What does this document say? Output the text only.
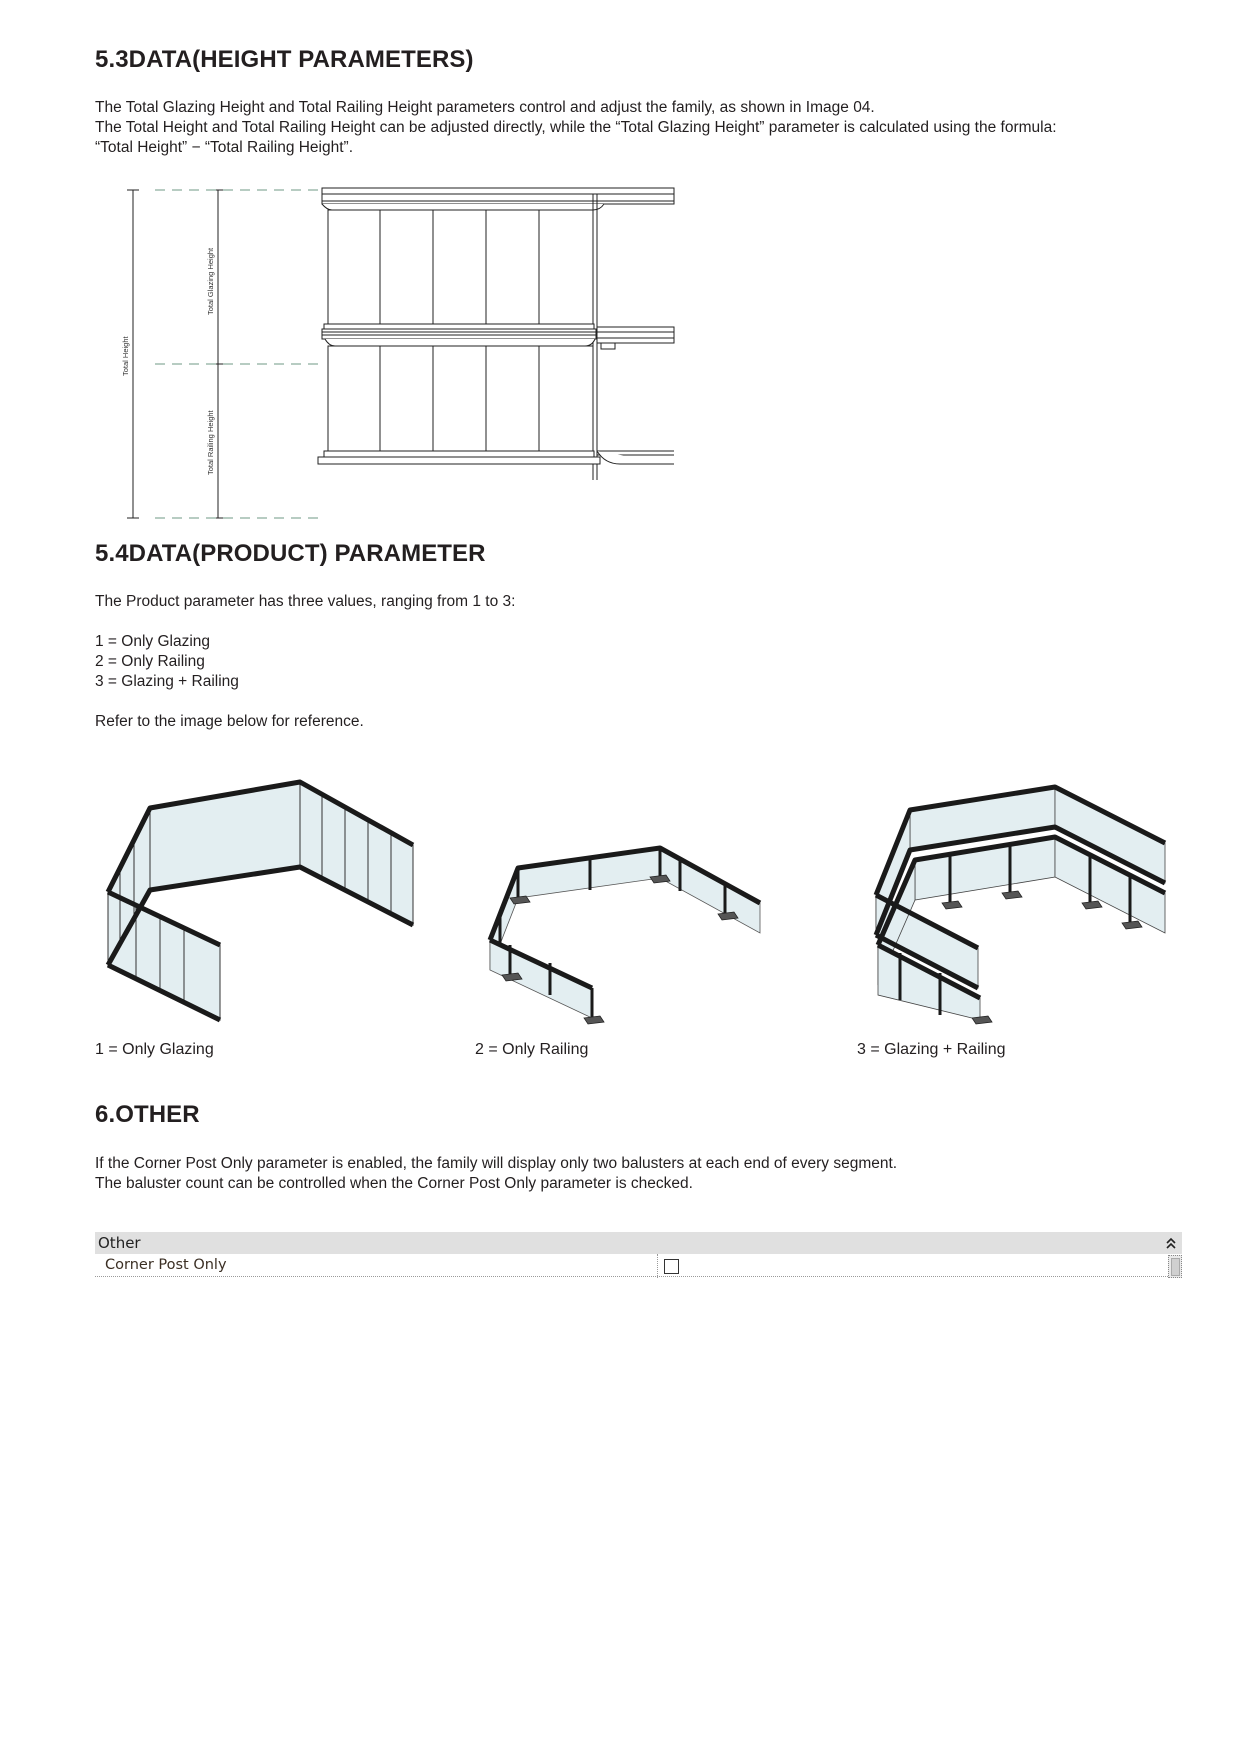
5.3DATA(HEIGHT PARAMETERS)

The Total Glazing Height and Total Railing Height parameters control and adjust the family, as shown in Image 04.
The Total Height and Total Railing Height can be adjusted directly, while the “Total Glazing Height” parameter is calculated using the formula:
“Total Height” − “Total Railing Height”.

Total Height
Total Glazing Height
Total Railing Height
5.4DATA(PRODUCT) PARAMETER

The Product parameter has three values, ranging from 1 to 3:

1 = Only Glazing
2 = Only Railing
3 = Glazing + Railing

Refer to the image below for reference.

1 = Only Glazing	2 = Only Railing	3 = Glazing + Railing
6.OTHER

If the Corner Post Only parameter is enabled, the family will display only two balusters at each end of every segment.
The baluster count can be controlled when the Corner Post Only parameter is checked.

Other
Corner Post Only
